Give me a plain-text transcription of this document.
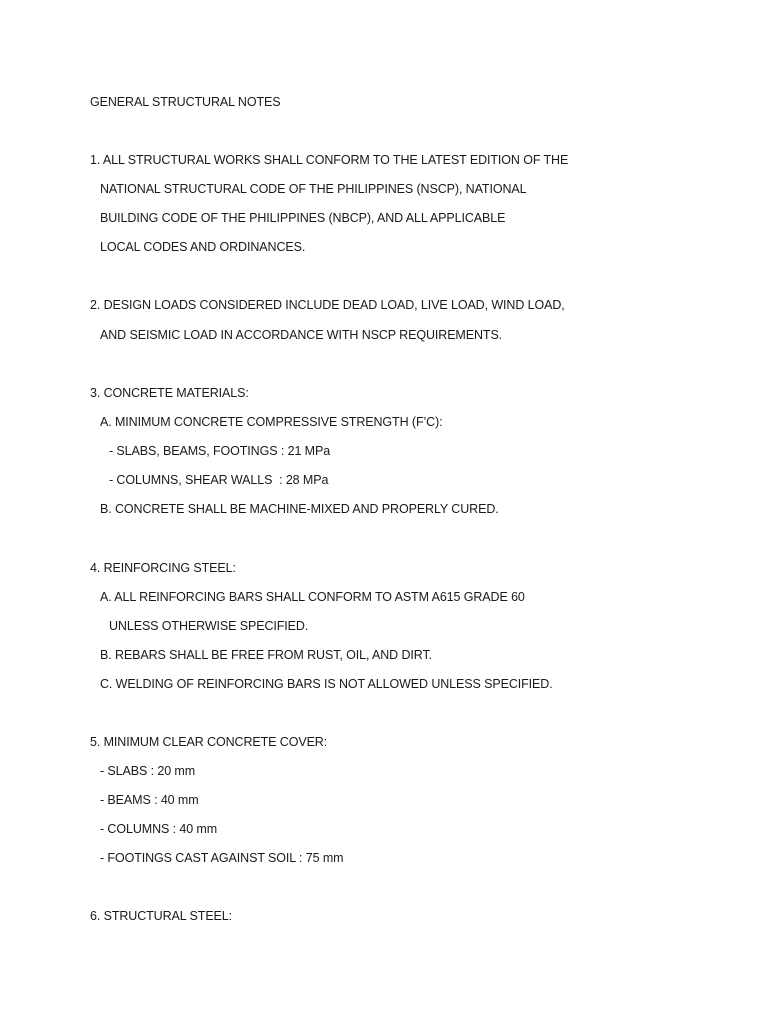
GENERAL STRUCTURAL NOTES
1. ALL STRUCTURAL WORKS SHALL CONFORM TO THE LATEST EDITION OF THE
NATIONAL STRUCTURAL CODE OF THE PHILIPPINES (NSCP), NATIONAL
BUILDING CODE OF THE PHILIPPINES (NBCP), AND ALL APPLICABLE
LOCAL CODES AND ORDINANCES.
2. DESIGN LOADS CONSIDERED INCLUDE DEAD LOAD, LIVE LOAD, WIND LOAD,
AND SEISMIC LOAD IN ACCORDANCE WITH NSCP REQUIREMENTS.
3. CONCRETE MATERIALS:
A. MINIMUM CONCRETE COMPRESSIVE STRENGTH (F’C):
- SLABS, BEAMS, FOOTINGS : 21 MPa
- COLUMNS, SHEAR WALLS  : 28 MPa
B. CONCRETE SHALL BE MACHINE-MIXED AND PROPERLY CURED.
4. REINFORCING STEEL:
A. ALL REINFORCING BARS SHALL CONFORM TO ASTM A615 GRADE 60
UNLESS OTHERWISE SPECIFIED.
B. REBARS SHALL BE FREE FROM RUST, OIL, AND DIRT.
C. WELDING OF REINFORCING BARS IS NOT ALLOWED UNLESS SPECIFIED.
5. MINIMUM CLEAR CONCRETE COVER:
- SLABS : 20 mm
- BEAMS : 40 mm
- COLUMNS : 40 mm
- FOOTINGS CAST AGAINST SOIL : 75 mm
6. STRUCTURAL STEEL:
